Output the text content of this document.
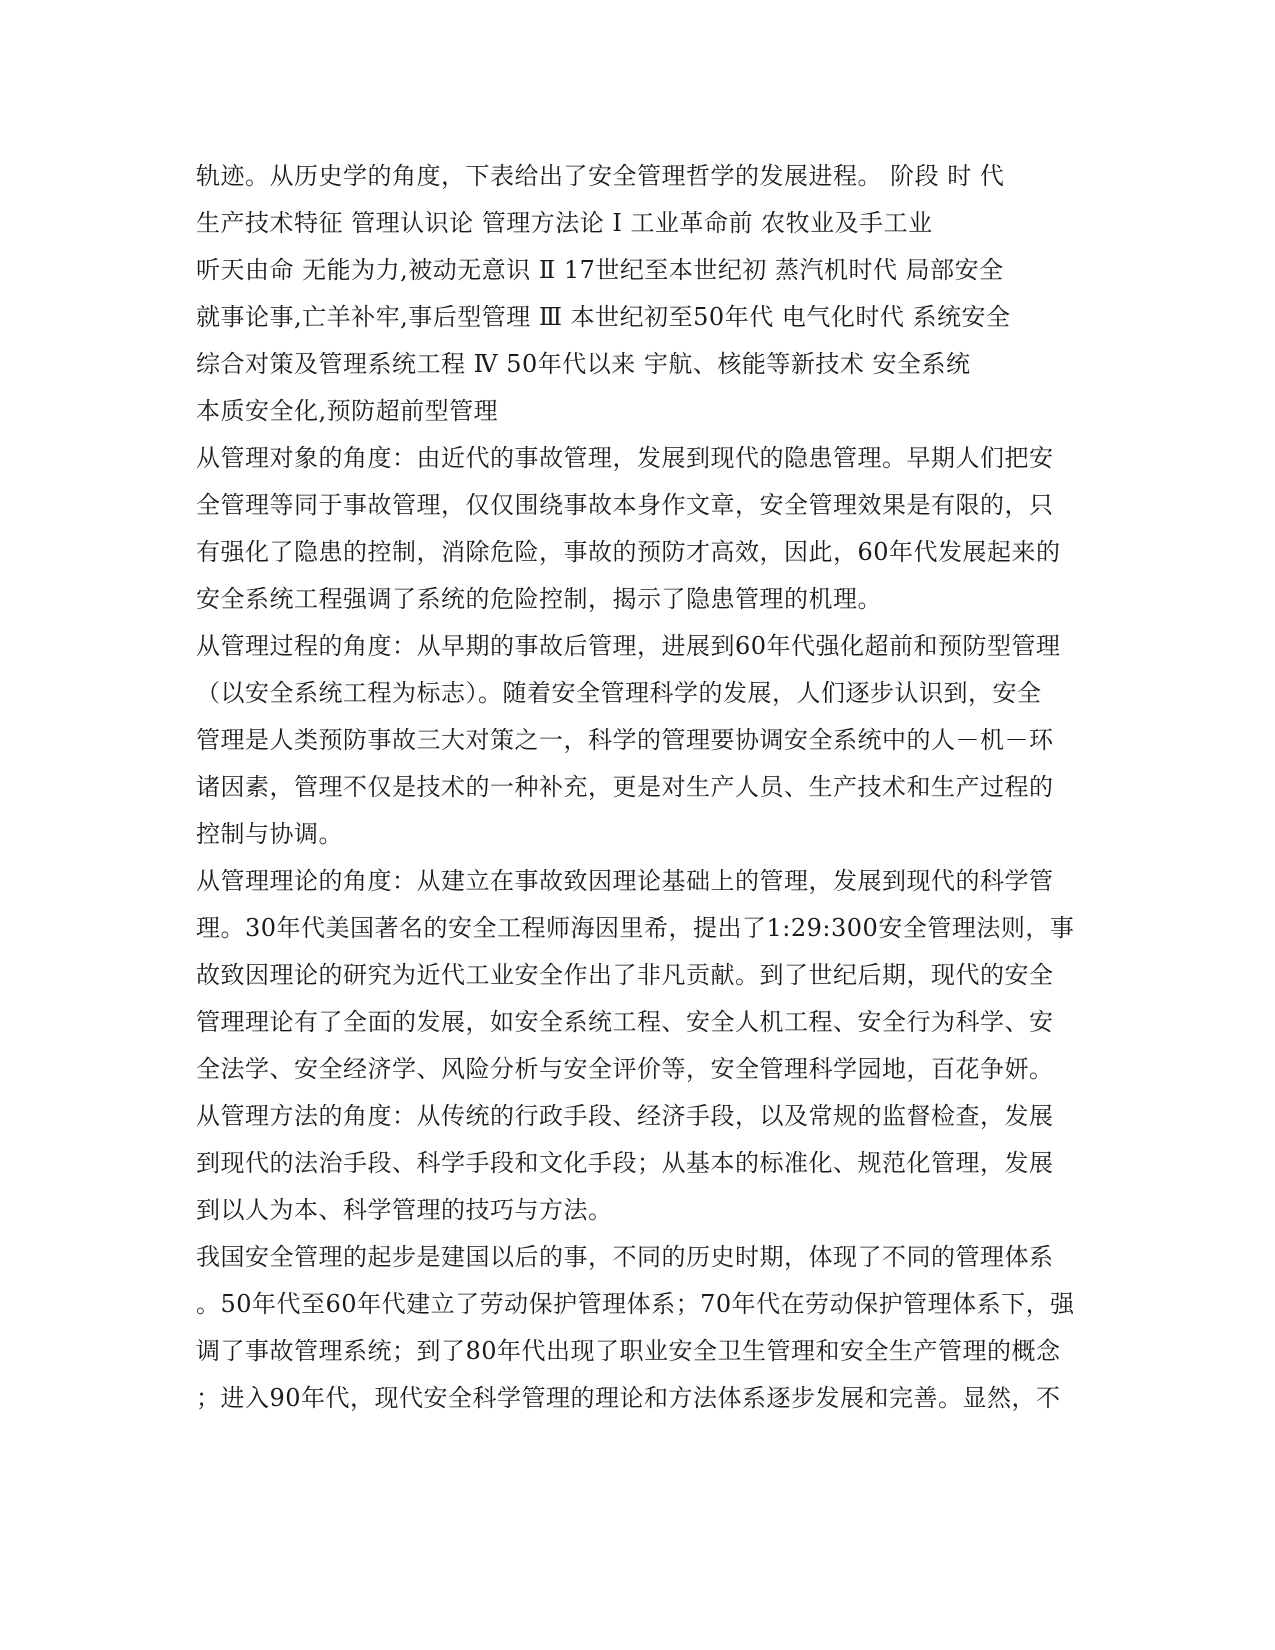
轨迹。从历史学的角度，下表给出了安全管理哲学的发展进程。 阶段 时 代

生产技术特征 管理认识论 管理方法论 Ⅰ 工业革命前 农牧业及手工业

听天由命 无能为力,被动无意识 Ⅱ 17世纪至本世纪初 蒸汽机时代 局部安全

就事论事,亡羊补牢,事后型管理 Ⅲ 本世纪初至50年代 电气化时代 系统安全

综合对策及管理系统工程 Ⅳ 50年代以来 宇航、核能等新技术 安全系统

本质安全化,预防超前型管理

从管理对象的角度：由近代的事故管理，发展到现代的隐患管理。早期人们把安

全管理等同于事故管理，仅仅围绕事故本身作文章，安全管理效果是有限的，只

有强化了隐患的控制，消除危险，事故的预防才高效，因此，60年代发展起来的

安全系统工程强调了系统的危险控制，揭示了隐患管理的机理。

从管理过程的角度：从早期的事故后管理，进展到60年代强化超前和预防型管理

（以安全系统工程为标志）。随着安全管理科学的发展，人们逐步认识到，安全

管理是人类预防事故三大对策之一，科学的管理要协调安全系统中的人－机－环

诸因素，管理不仅是技术的一种补充，更是对生产人员、生产技术和生产过程的

控制与协调。

从管理理论的角度：从建立在事故致因理论基础上的管理，发展到现代的科学管

理。30年代美国著名的安全工程师海因里希，提出了1:29:300安全管理法则，事

故致因理论的研究为近代工业安全作出了非凡贡献。到了世纪后期，现代的安全

管理理论有了全面的发展，如安全系统工程、安全人机工程、安全行为科学、安

全法学、安全经济学、风险分析与安全评价等，安全管理科学园地，百花争妍。

从管理方法的角度：从传统的行政手段、经济手段，以及常规的监督检查，发展

到现代的法治手段、科学手段和文化手段；从基本的标准化、规范化管理，发展

到以人为本、科学管理的技巧与方法。

我国安全管理的起步是建国以后的事，不同的历史时期，体现了不同的管理体系

。50年代至60年代建立了劳动保护管理体系；70年代在劳动保护管理体系下，强

调了事故管理系统；到了80年代出现了职业安全卫生管理和安全生产管理的概念

；进入90年代，现代安全科学管理的理论和方法体系逐步发展和完善。显然，不
